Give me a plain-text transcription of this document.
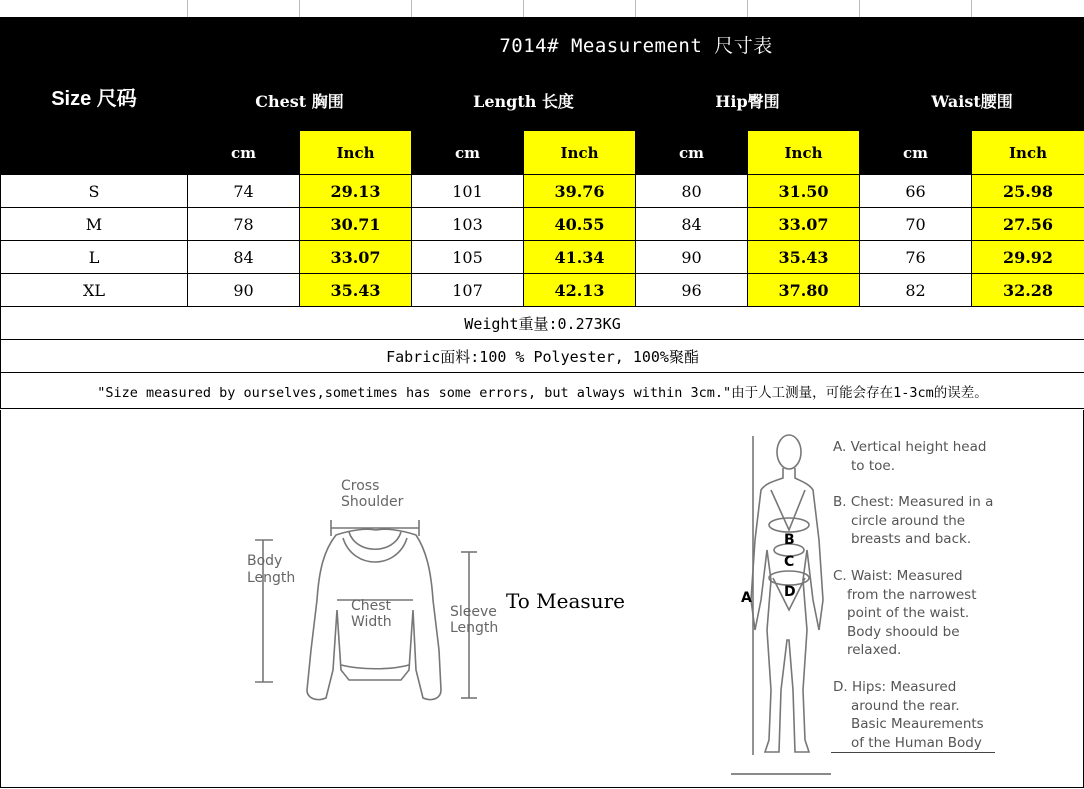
Size 尺码	7014# Measurement 尺寸表							
	Chest 胸围		Length 长度		Hip臀围		Waist腰围	
	cm	Inch	cm	Inch	cm	Inch	cm	Inch
S	74	29.13	101	39.76	80	31.50	66	25.98
M	78	30.71	103	40.55	84	33.07	70	27.56
L	84	33.07	105	41.34	90	35.43	76	29.92
XL	90	35.43	107	42.13	96	37.80	82	32.28
Weight重量:0.273KG								
Fabric面料:100 % Polyester, 100%聚酯								
"Size measured by ourselves,sometimes has some errors, but always within 3cm."由于人工测量，可能会存在1-3cm的误差。								
Cross
Shoulder
Body
Length
Chest
Width
Sleeve
Length
To Measure	A
B
C
D
A. Vertical height head
to toe.
B. Chest: Measured in a
circle around the
breasts and back.
C. Waist: Measured
from the narrowest
point of the waist.
Body shoould be
relaxed.
D. Hips: Measured
around the rear.
Basic Meaurements
of the Human Body
